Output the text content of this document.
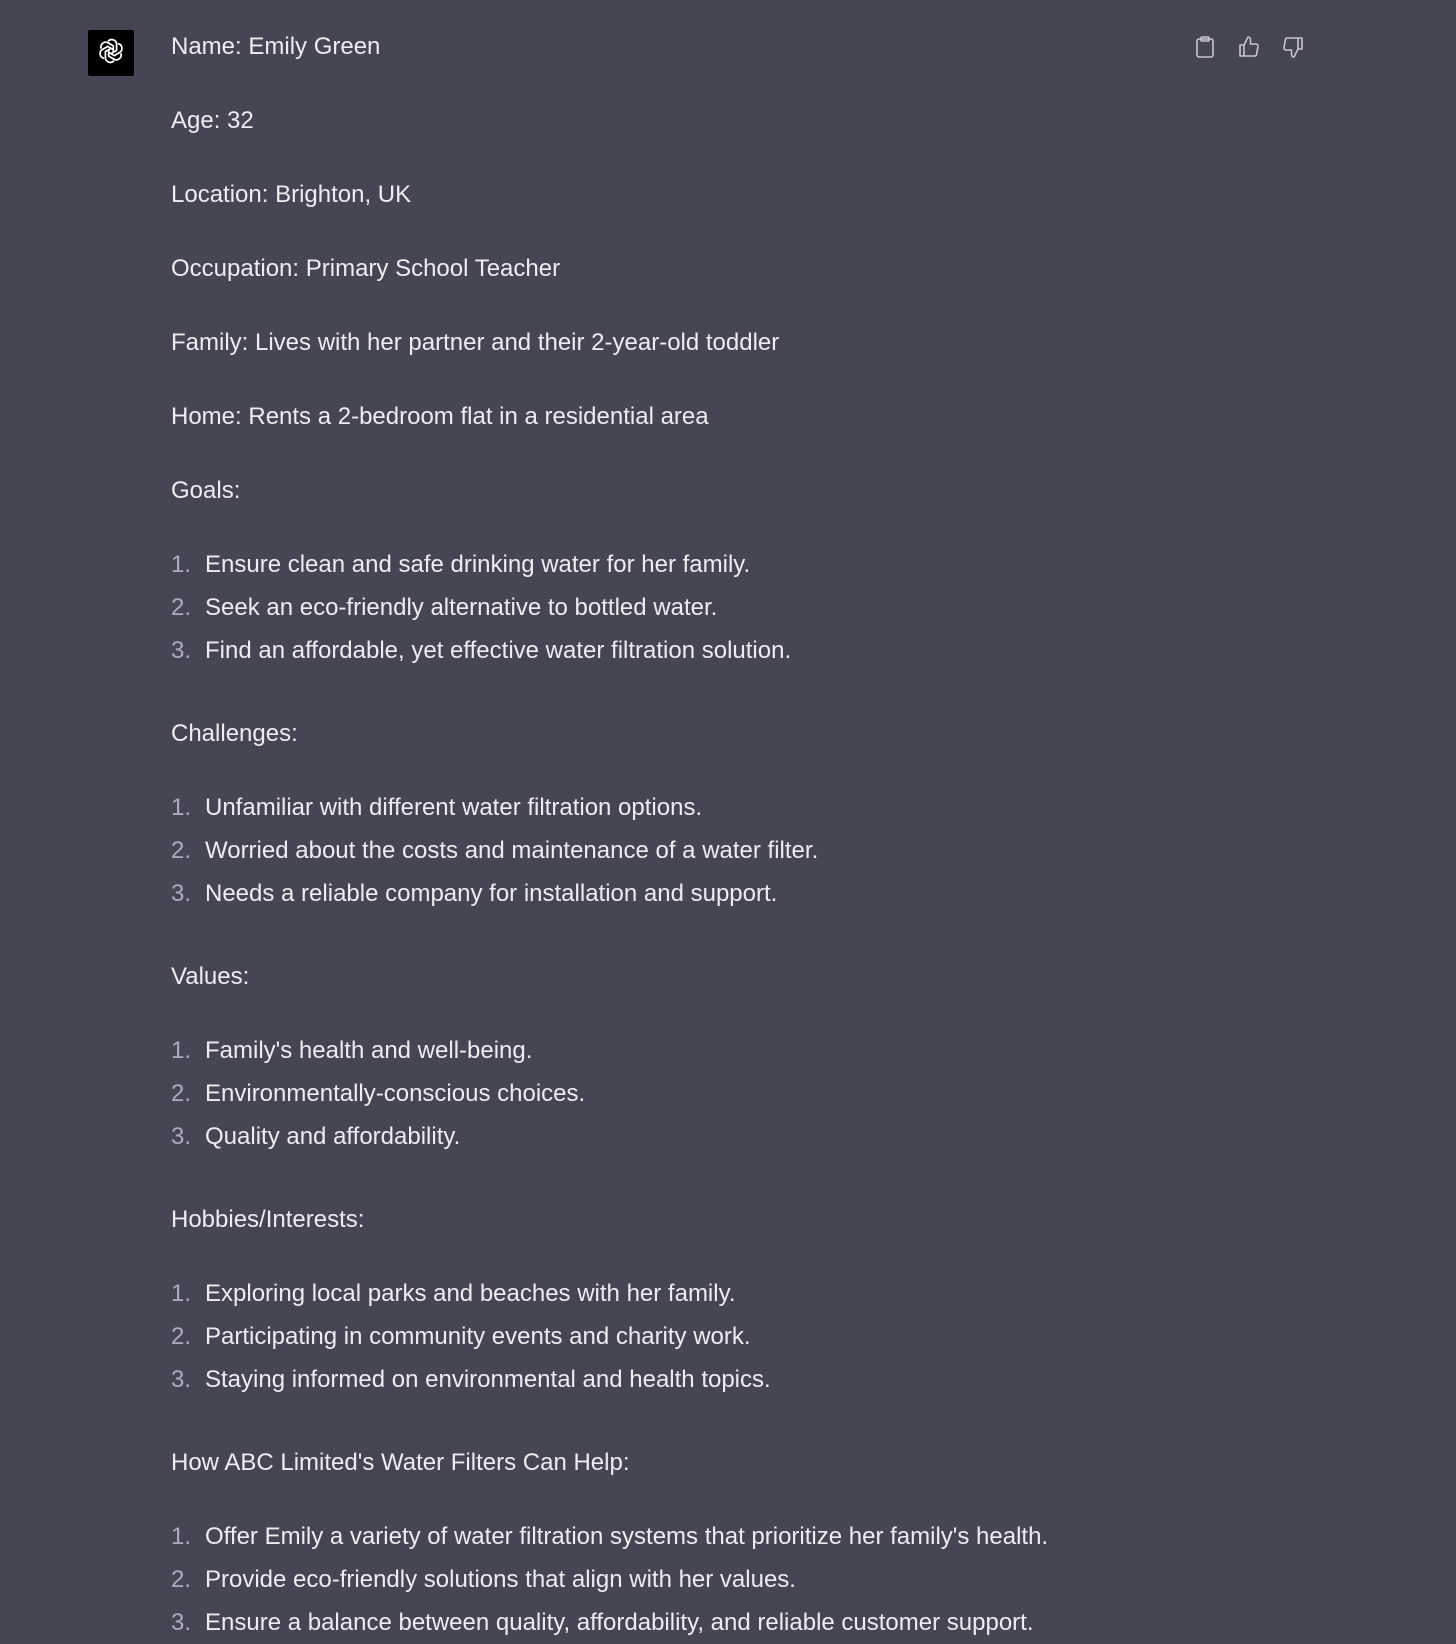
Name: Emily Green

Age: 32

Location: Brighton, UK

Occupation: Primary School Teacher

Family: Lives with her partner and their 2-year-old toddler

Home: Rents a 2-bedroom flat in a residential area

Goals:

1. Ensure clean and safe drinking water for her family.
2. Seek an eco-friendly alternative to bottled water.
3. Find an affordable, yet effective water filtration solution.

Challenges:

1. Unfamiliar with different water filtration options.
2. Worried about the costs and maintenance of a water filter.
3. Needs a reliable company for installation and support.

Values:

1. Family's health and well-being.
2. Environmentally-conscious choices.
3. Quality and affordability.

Hobbies/Interests:

1. Exploring local parks and beaches with her family.
2. Participating in community events and charity work.
3. Staying informed on environmental and health topics.

How ABC Limited's Water Filters Can Help:

1. Offer Emily a variety of water filtration systems that prioritize her family's health.
2. Provide eco-friendly solutions that align with her values.
3. Ensure a balance between quality, affordability, and reliable customer support.
